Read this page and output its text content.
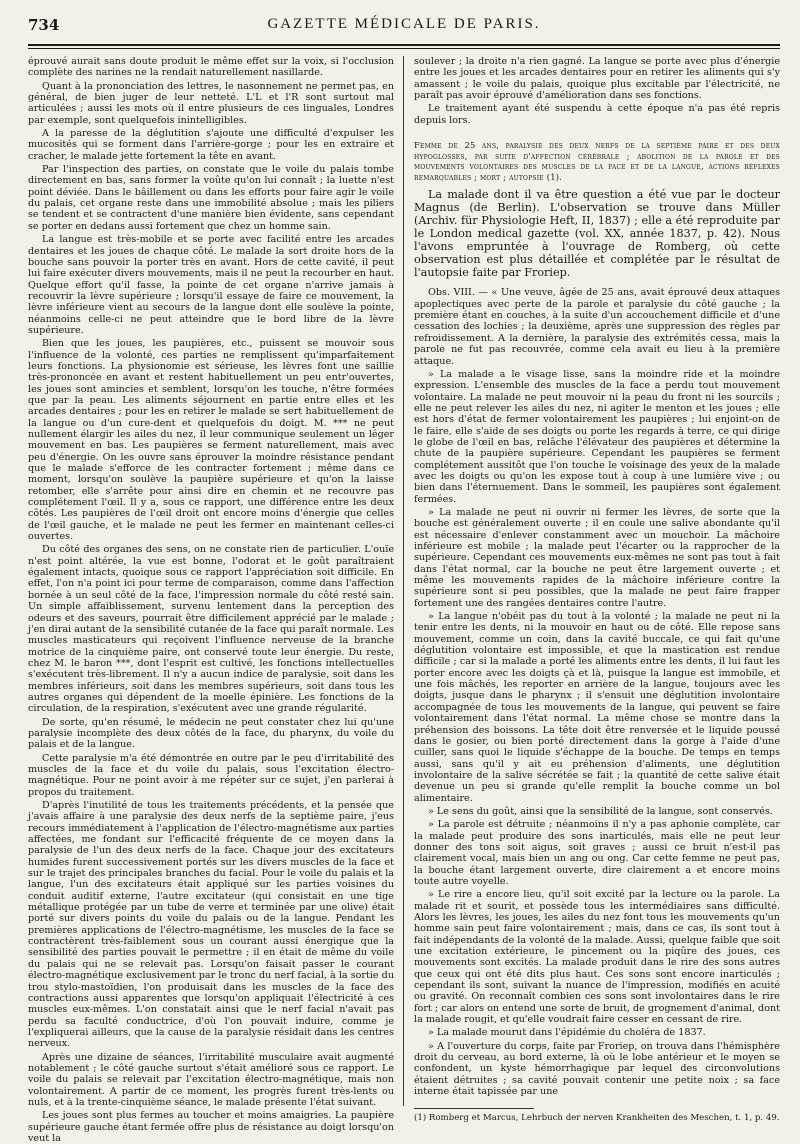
734	GAZETTE MÉDICALE DE PARIS.

éprouvé aurait sans doute produit le même effet sur la voix, si l'occlusion complète des narines ne la rendait naturellement nasillarde.

Quant à la prononciation des lettres, le nasonnement ne permet pas, en général, de bien juger de leur netteté. L'L et l'R sont surtout mal articulées ; aussi les mots où il entre plusieurs de ces linguales, Londres par exemple, sont quelquefois inintelligibles.

A la paresse de la déglutition s'ajoute une difficulté d'expulser les mucosités qui se forment dans l'arrière-gorge ; pour les en extraire et cracher, le malade jette fortement la tête en avant.

Par l'inspection des parties, on constate que le voile du palais tombe directement en bas, sans former la voûte qu'on lui connaît ; la luette n'est point déviée. Dans le bâillement ou dans les efforts pour faire agir le voile du palais, cet organe reste dans une immobilité absolue ; mais les piliers se tendent et se contractent d'une manière bien évidente, sans cependant se porter en dedans aussi fortement que chez un homme sain.

La langue est très-mobile et se porte avec facilité entre les arcades dentaires et les joues de chaque côté. Le malade la sort droite hors de la bouche sans pouvoir la porter très en avant. Hors de cette cavité, il peut lui faire exécuter divers mouvements, mais il ne peut la recourber en haut. Quelque effort qu'il fasse, la pointe de cet organe n'arrive jamais à recouvrir la lèvre supérieure ; lorsqu'il essaye de faire ce mouvement, la lèvre inférieure vient au secours de la langue dont elle soulève la pointe, néanmoins celle-ci ne peut atteindre que le bord libre de la lèvre supérieure.

Bien que les joues, les paupières, etc., puissent se mouvoir sous l'influence de la volonté, ces parties ne remplissent qu'imparfaitement leurs fonctions. La physionomie est sérieuse, les lèvres font une saillie très-prononcée en avant et restent habituellement un peu entr'ouvertes, les joues sont amincies et semblent, lorsqu'on les touche, n'être formées que par la peau. Les aliments séjournent en partie entre elles et les arcades dentaires ; pour les en retirer le malade se sert habituellement de la langue ou d'un cure-dent et quelquefois du doigt. M. *** ne peut nullement élargir les ailes du nez, il leur communique seulement un léger mouvement en bas. Les paupières se ferment naturellement, mais avec peu d'énergie. On les ouvre sans éprouver la moindre résistance pendant que le malade s'efforce de les contracter fortement ; même dans ce moment, lorsqu'on soulève la paupière supérieure et qu'on la laisse retomber, elle s'arrête pour ainsi dire en chemin et ne recouvre pas complétement l'œil. Il y a, sous ce rapport, une différence entre les deux côtés. Les paupières de l'œil droit ont encore moins d'énergie que celles de l'œil gauche, et le malade ne peut les fermer en maintenant celles-ci ouvertes.

Du côté des organes des sens, on ne constate rien de particulier. L'ouïe n'est point altérée, la vue est bonne, l'odorat et le goût paraîtraient également intacts, quoique sous ce rapport l'appréciation soit difficile. En effet, l'on n'a point ici pour terme de comparaison, comme dans l'affection bornée à un seul côté de la face, l'impression normale du côté resté sain. Un simple affaiblissement, survenu lentement dans la perception des odeurs et des saveurs, pourrait être difficilement apprécié par le malade ; j'en dirai autant de la sensibilité cutanée de la face qui paraît normale. Les muscles masticateurs qui reçoivent l'influence nerveuse de la branche motrice de la cinquième paire, ont conservé toute leur énergie. Du reste, chez M. le baron ***, dont l'esprit est cultivé, les fonctions intellectuelles s'exécutent très-librement. Il n'y a aucun indice de paralysie, soit dans les membres inférieurs, soit dans les membres supérieurs, soit dans tous les autres organes qui dépendent de la moelle épinière. Les fonctions de la circulation, de la respiration, s'exécutent avec une grande régularité.

De sorte, qu'en résumé, le médecin ne peut constater chez lui qu'une paralysie incomplète des deux côtés de la face, du pharynx, du voile du palais et de la langue.

Cette paralysie m'a été démontrée en outre par le peu d'irritabilité des muscles de la face et du voile du palais, sous l'excitation électro-magnétique. Pour ne point avoir à me répéter sur ce sujet, j'en parlerai à propos du traitement.

D'après l'inutilité de tous les traitements précédents, et la pensée que j'avais affaire à une paralysie des deux nerfs de la septième paire, j'eus recours immédiatement à l'application de l'électro-magnétisme aux parties affectées, me fondant sur l'efficacité fréquente de ce moyen dans la paralysie de l'un des deux nerfs de la face. Chaque jour des excitateurs humides furent successivement portés sur les divers muscles de la face et sur le trajet des principales branches du facial. Pour le voile du palais et la langue, l'un des excitateurs était appliqué sur les parties voisines du conduit auditif externe, l'autre excitateur (qui consistait en une tige métallique protégée par un tube de verre et terminée par une olive) était porté sur divers points du voile du palais ou de la langue. Pendant les premières applications de l'électro-magnétisme, les muscles de la face se contractèrent très-faiblement sous un courant aussi énergique que la sensibilité des parties pouvait le permettre ; il en était de même du voile du palais qui ne se relevait pas. Lorsqu'on faisait passer le courant électro-magnétique exclusivement par le tronc du nerf facial, à la sortie du trou stylo-mastoïdien, l'on produisait dans les muscles de la face des contractions aussi apparentes que lorsqu'on appliquait l'électricité à ces muscles eux-mêmes. L'on constatait ainsi que le nerf facial n'avait pas perdu sa faculté conductrice, d'où l'on pouvait induire, comme je l'expliquerai ailleurs, que la cause de la paralysie résidait dans les centres nerveux.

Après une dizaine de séances, l'irritabilité musculaire avait augmenté notablement ; le côté gauche surtout s'était amélioré sous ce rapport. Le voile du palais se relevait par l'excitation électro-magnétique, mais non volontairement. A partir de ce moment, les progrès furent très-lents ou nuls, et à la trente-cinquième séance, le malade présente l'état suivant.

Les joues sont plus fermes au toucher et moins amaigries. La paupière supérieure gauche étant fermée offre plus de résistance au doigt lorsqu'on veut la

soulever ; la droite n'a rien gagné. La langue se porte avec plus d'énergie entre les joues et les arcades dentaires pour en retirer les aliments qui s'y amassent ; le voile du palais, quoique plus excitable par l'électricité, ne paraît pas avoir éprouvé d'amélioration dans ses fonctions.

Le traitement ayant été suspendu à cette époque n'a pas été repris depuis lors.

Femme de 25 ans, paralysie des deux nerfs de la septième paire et des deux hypoglosses, par suite d'affection cérébrale ; abolition de la parole et des mouvements volontaires des muscles de la face et de la langue, actions réflexes remarquables ; mort ; autopsie (1).

La malade dont il va être question a été vue par le docteur Magnus (de Berlin). L'observation se trouve dans Müller (Archiv. für Physiologie Heft, II, 1837) ; elle a été reproduite par le London medical gazette (vol. XX, année 1837, p. 42). Nous l'avons empruntée à l'ouvrage de Romberg, où cette observation est plus détaillée et complétée par le résultat de l'autopsie faite par Froriep.

Obs. VIII. — « Une veuve, âgée de 25 ans, avait éprouvé deux attaques apoplectiques avec perte de la parole et paralysie du côté gauche ; la première étant en couches, à la suite d'un accouchement difficile et d'une cessation des lochies ; la deuxième, après une suppression des règles par refroidissement. A la dernière, la paralysie des extrémités cessa, mais la parole ne fut pas recouvrée, comme cela avait eu lieu à la première attaque.

» La malade a le visage lisse, sans la moindre ride et la moindre expression. L'ensemble des muscles de la face a perdu tout mouvement volontaire. La malade ne peut mouvoir ni la peau du front ni les sourcils ; elle ne peut relever les ailes du nez, ni agiter le menton et les joues ; elle est hors d'état de fermer volontairement les paupières ; lui enjoint-on de le faire, elle s'aide de ses doigts ou porte les regards à terre, ce qui dirige le globe de l'œil en bas, relâche l'élévateur des paupières et détermine la chute de la paupière supérieure. Cependant les paupières se ferment complétement aussitôt que l'on touche le voisinage des yeux de la malade avec les doigts ou qu'on les expose tout à coup à une lumière vive ; ou bien dans l'éternuement. Dans le sommeil, les paupières sont également fermées.

» La malade ne peut ni ouvrir ni fermer les lèvres, de sorte que la bouche est généralement ouverte ; il en coule une salive abondante qu'il est nécessaire d'enlever constamment avec un mouchoir. La mâchoire inférieure est mobile ; la malade peut l'écarter ou la rapprocher de la supérieure. Cependant ces mouvements eux-mêmes ne sont pas tout à fait dans l'état normal, car la bouche ne peut être largement ouverte ; et même les mouvements rapides de la mâchoire inférieure contre la supérieure sont si peu possibles, que la malade ne peut faire frapper fortement une des rangées dentaires contre l'autre.

» La langue n'obéit pas du tout à la volonté ; la malade ne peut ni la tenir entre les dents, ni la mouvoir en haut ou de côté. Elle repose sans mouvement, comme un coin, dans la cavité buccale, ce qui fait qu'une déglutition volontaire est impossible, et que la mastication est rendue difficile ; car si la malade a porté les aliments entre les dents, il lui faut les porter encore avec les doigts çà et là, puisque la langue est immobile, et une fois mâchés, les reporter en arrière de la langue, toujours avec les doigts, jusque dans le pharynx ; il s'ensuit une déglutition involontaire accompagnée de tous les mouvements de la langue, qui peuvent se faire volontairement dans l'état normal. La même chose se montre dans la préhension des boissons. La tête doit être renversée et le liquide poussé dans le gosier, ou bien porté directement dans la gorge à l'aide d'une cuiller, sans quoi le liquide s'échappe de la bouche. De temps en temps aussi, sans qu'il y ait eu préhension d'aliments, une déglutition involontaire de la salive sécrétée se fait ; la quantité de cette salive était devenue un peu si grande qu'elle remplit la bouche comme un bol alimentaire.

» Le sens du goût, ainsi que la sensibilité de la langue, sont conservés.

» La parole est détruite ; néanmoins il n'y a pas aphonie complète, car la malade peut produire des sons inarticulés, mais elle ne peut leur donner des tons soit aigus, soit graves ; aussi ce bruit n'est-il pas clairement vocal, mais bien un ang ou ong. Car cette femme ne peut pas, la bouche étant largement ouverte, dire clairement a et encore moins toute autre voyelle.

» Le rire a encore lieu, qu'il soit excité par la lecture ou la parole. La malade rit et sourit, et possède tous les intermédiaires sans difficulté. Alors les lèvres, les joues, les ailes du nez font tous les mouvements qu'un homme sain peut faire volontairement ; mais, dans ce cas, ils sont tout à fait indépendants de la volonté de la malade. Aussi, quelque faible que soit une excitation extérieure, le pincement ou la piqûre des joues, ces mouvements sont excités. La malade produit dans le rire des sons autres que ceux qui ont été dits plus haut. Ces sons sont encore inarticulés ; cependant ils sont, suivant la nuance de l'impression, modifiés en acuité ou gravité. On reconnaît combien ces sons sont involontaires dans le rire fort ; car alors on entend une sorte de bruit, de grognement d'animal, dont la malade rougit, et qu'elle voudrait faire cesser en cessant de rire.

» La malade mourut dans l'épidémie du choléra de 1837.

» A l'ouverture du corps, faite par Froriep, on trouva dans l'hémisphère droit du cerveau, au bord externe, là où le lobe antérieur et le moyen se confondent, un kyste hémorrhagique par lequel des circonvolutions étaient détruites ; sa cavité pouvait contenir une petite noix ; sa face interne était tapissée par une

(1) Romberg et Marcus, Lehrbuch der nerven Krankheiten des Meschen, t. 1, p. 49.
